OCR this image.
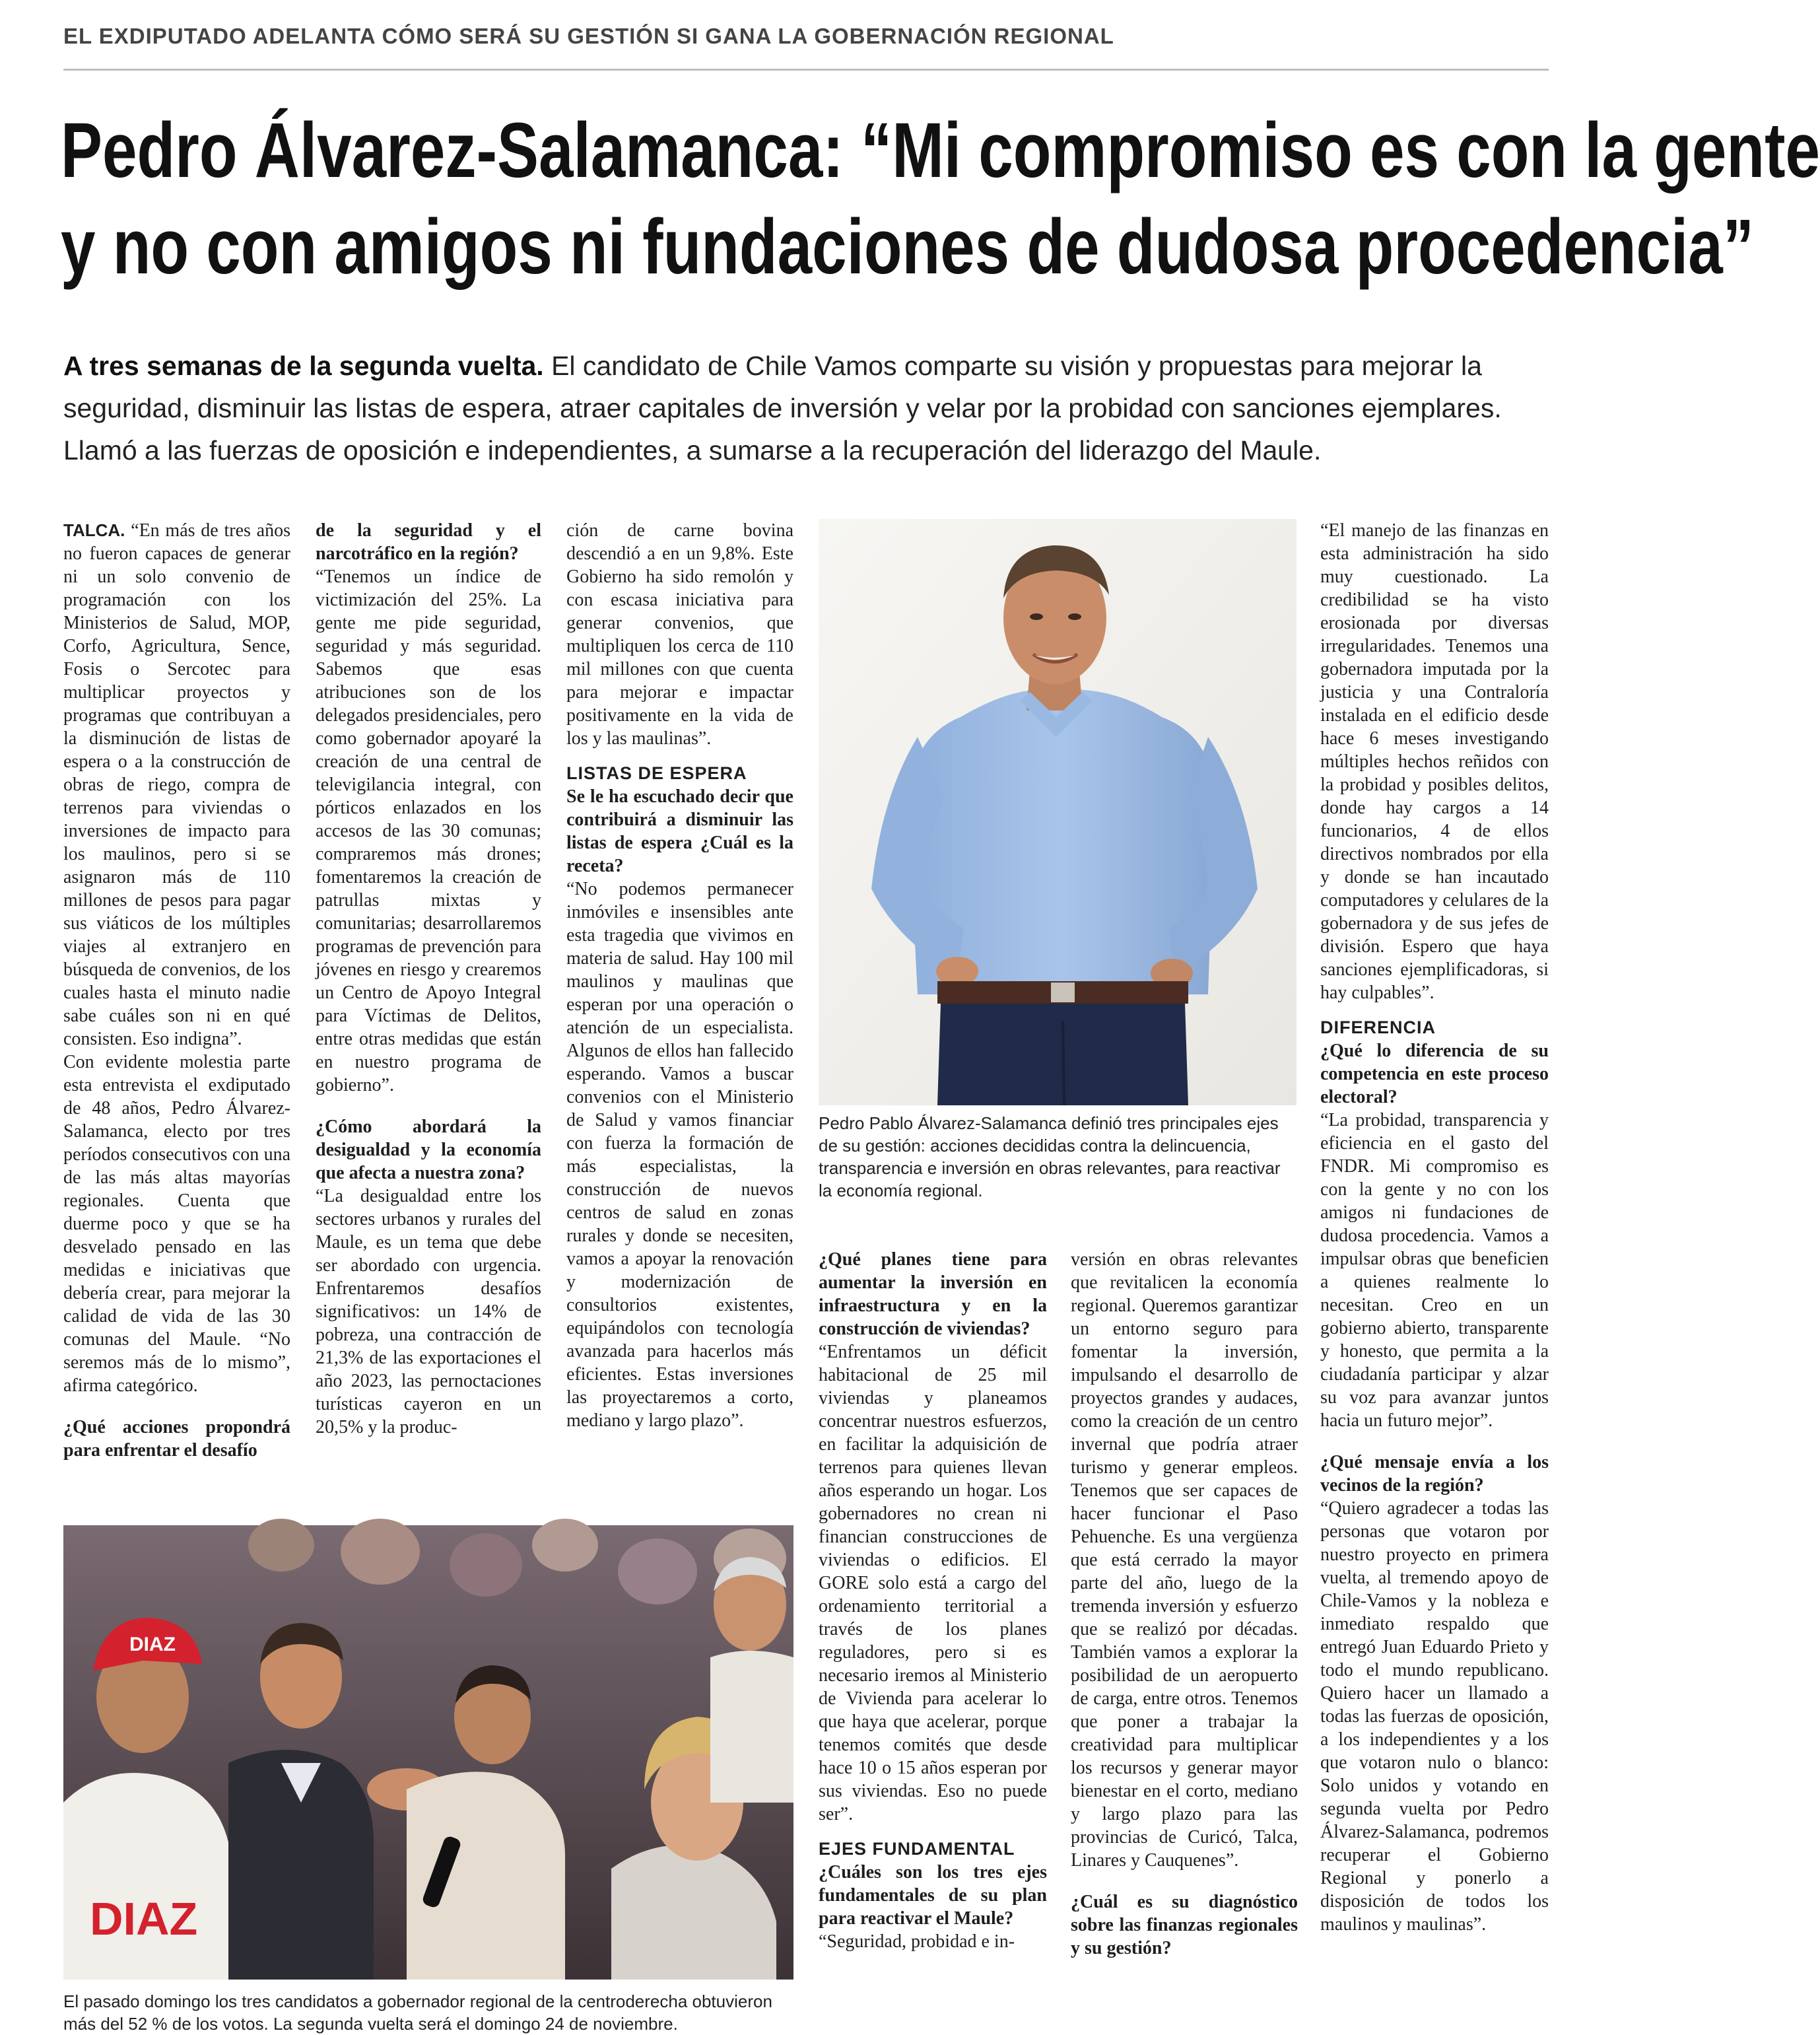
EL EXDIPUTADO ADELANTA CÓMO SERÁ SU GESTIÓN SI GANA LA GOBERNACIÓN REGIONAL
Pedro Álvarez-Salamanca: “Mi compromiso es con la gente
y no con amigos ni fundaciones de dudosa procedencia”
A tres semanas de la segunda vuelta. El candidato de Chile Vamos comparte su visión y propuestas para mejorar la seguridad, disminuir las listas de espera, atraer capitales de inversión y velar por la probidad con sanciones ejemplares. Llamó a las fuerzas de oposición e independientes, a sumarse a la recuperación del liderazgo del Maule.

TALCA. “En más de tres años no fueron capaces de generar ni un solo convenio de programación con los Ministerios de Salud, MOP, Corfo, Agricultura, Sence, Fosis o Sercotec para multiplicar proyectos y programas que contribuyan a la disminución de listas de espera o a la construcción de obras de riego, compra de terrenos para viviendas o inversiones de impacto para los maulinos, pero si se asignaron más de 110 millones de pesos para pagar sus viáticos de los múltiples viajes al extranjero en búsqueda de convenios, de los cuales hasta el minuto nadie sabe cuáles son ni en qué consisten. Eso indigna”.

Con evidente molestia parte esta entrevista el exdiputado de 48 años, Pedro Álvarez-Salamanca, electo por tres períodos consecutivos con una de las más altas mayorías regionales. Cuenta que duerme poco y que se ha desvelado pensado en las medidas e iniciativas que debería crear, para mejorar la calidad de vida de las 30 comunas del Maule. “No seremos más de lo mismo”, afirma categórico.

¿Qué acciones propondrá para enfrentar el desafío

de la seguridad y el narcotráfico en la región?

“Tenemos un índice de victimización del 25%. La gente me pide seguridad, seguridad y más seguridad. Sabemos que esas atribuciones son de los delegados presidenciales, pero como gobernador apoyaré la creación de una central de televigilancia integral, con pórticos enlazados en los accesos de las 30 comunas; compraremos más drones; fomentaremos la creación de patrullas mixtas y comunitarias; desarrollaremos programas de prevención para jóvenes en riesgo y crearemos un Centro de Apoyo Integral para Víctimas de Delitos, entre otras medidas que están en nuestro programa de gobierno”.

¿Cómo abordará la desigualdad y la economía que afecta a nuestra zona?

“La desigualdad entre los sectores urbanos y rurales del Maule, es un tema que debe ser abordado con urgencia. Enfrentaremos desafíos significativos: un 14% de pobreza, una contracción de 21,3% de las exportaciones el año 2023, las pernoctaciones turísticas cayeron en un 20,5% y la produc-

ción de carne bovina descendió a en un 9,8%. Este Gobierno ha sido remolón y con escasa iniciativa para generar convenios, que multipliquen los cerca de 110 mil millones con que cuenta para mejorar e impactar positivamente en la vida de los y las maulinas”.

LISTAS DE ESPERA

Se le ha escuchado decir que contribuirá a disminuir las listas de espera ¿Cuál es la receta?

“No podemos permanecer inmóviles e insensibles ante esta tragedia que vivimos en materia de salud. Hay 100 mil maulinos y maulinas que esperan por una operación o atención de un especialista. Algunos de ellos han fallecido esperando. Vamos a buscar convenios con el Ministerio de Salud y vamos financiar con fuerza la formación de más especialistas, la construcción de nuevos centros de salud en zonas rurales y donde se necesiten, vamos a apoyar la renovación y modernización de consultorios existentes, equipándolos con tecnología avanzada para hacerlos más eficientes. Estas inversiones las proyectaremos a corto, mediano y largo plazo”.

Pedro Pablo Álvarez-Salamanca definió tres principales ejes de su gestión: acciones decididas contra la delincuencia, transparencia e inversión en obras relevantes, para reactivar la economía regional.

¿Qué planes tiene para aumentar la inversión en infraestructura y en la construcción de viviendas?

“Enfrentamos un déficit habitacional de 25 mil viviendas y planeamos concentrar nuestros esfuerzos, en facilitar la adquisición de terrenos para quienes llevan años esperando un hogar. Los gobernadores no crean ni financian construcciones de viviendas o edificios. El GORE solo está a cargo del ordenamiento territorial a través de los planes reguladores, pero si es necesario iremos al Ministerio de Vivienda para acelerar lo que haya que acelerar, porque tenemos comités que desde hace 10 o 15 años esperan por sus viviendas. Eso no puede ser”.

EJES FUNDAMENTAL

¿Cuáles son los tres ejes fundamentales de su plan para reactivar el Maule?

“Seguridad, probidad e in-

versión en obras relevantes que revitalicen la economía regional. Queremos garantizar un entorno seguro para fomentar la inversión, impulsando el desarrollo de proyectos grandes y audaces, como la creación de un centro invernal que podría atraer turismo y generar empleos. Tenemos que ser capaces de hacer funcionar el Paso Pehuenche. Es una vergüenza que está cerrado la mayor parte del año, luego de la tremenda inversión y esfuerzo que se realizó por décadas. También vamos a explorar la posibilidad de un aeropuerto de carga, entre otros. Tenemos que poner a trabajar la creatividad para multiplicar los recursos y generar mayor bienestar en el corto, mediano y largo plazo para las provincias de Curicó, Talca, Linares y Cauquenes”.

¿Cuál es su diagnóstico sobre las finanzas regionales y su gestión?

“El manejo de las finanzas en esta administración ha sido muy cuestionado. La credibilidad se ha visto erosionada por diversas irregularidades. Tenemos una gobernadora imputada por la justicia y una Contraloría instalada en el edificio desde hace 6 meses investigando múltiples hechos reñidos con la probidad y posibles delitos, donde hay cargos a 14 funcionarios, 4 de ellos directivos nombrados por ella y donde se han incautado computadores y celulares de la gobernadora y de sus jefes de división. Espero que haya sanciones ejemplificadoras, si hay culpables”.

DIFERENCIA

¿Qué lo diferencia de su competencia en este proceso electoral?

“La probidad, transparencia y eficiencia en el gasto del FNDR. Mi compromiso es con la gente y no con los amigos ni fundaciones de dudosa procedencia. Vamos a impulsar obras que beneficien a quienes realmente lo necesitan. Creo en un gobierno abierto, transparente y honesto, que permita a la ciudadanía participar y alzar su voz para avanzar juntos hacia un futuro mejor”.

¿Qué mensaje envía a los vecinos de la región?

“Quiero agradecer a todas las personas que votaron por nuestro proyecto en primera vuelta, al tremendo apoyo de Chile-Vamos y la nobleza e inmediato respaldo que entregó Juan Eduardo Prieto y todo el mundo republicano. Quiero hacer un llamado a todas las fuerzas de oposición, a los independientes y a los que votaron nulo o blanco: Solo unidos y votando en segunda vuelta por Pedro Álvarez-Salamanca, podremos recuperar el Gobierno Regional y ponerlo a disposición de todos los maulinos y maulinas”.

DIAZ
DIAZ
El pasado domingo los tres candidatos a gobernador regional de la centroderecha obtuvieron más del 52 % de los votos. La segunda vuelta será el domingo 24 de noviembre.
